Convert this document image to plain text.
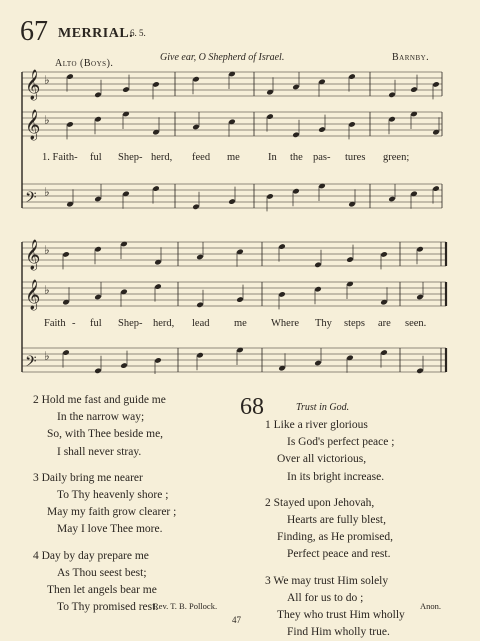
67 MERRIAL.
6. 5.
Give ear, O Shepherd of Israel.	Barnby.
Alto (Boys).
𝄞 ♭
𝄞 ♭
𝄢 ♭
1. Faith- ful Shep- herd, feed me	In the pas- tures green;
𝄞 ♭
𝄞 ♭
𝄢 ♭
Faith - ful Shep- herd, lead me Where Thy steps are seen.
2 Hold me fast and guide me
In the narrow way;
So, with Thee beside me,
I shall never stray.
3 Daily bring me nearer
To Thy heavenly shore ;
May my faith grow clearer ;
May I love Thee more.
4 Day by day prepare me
As Thou seest best;
Then let angels bear me
To Thy promised rest.
Rev. T. B. Pollock.
68	Trust in God.
1 Like a river glorious
Is God's perfect peace ;
Over all victorious,
In its bright increase.
2 Stayed upon Jehovah,
Hearts are fully blest,
Finding, as He promised,
Perfect peace and rest.
3 We may trust Him solely
All for us to do ;
They who trust Him wholly
Find Him wholly true.
Anon.
47
